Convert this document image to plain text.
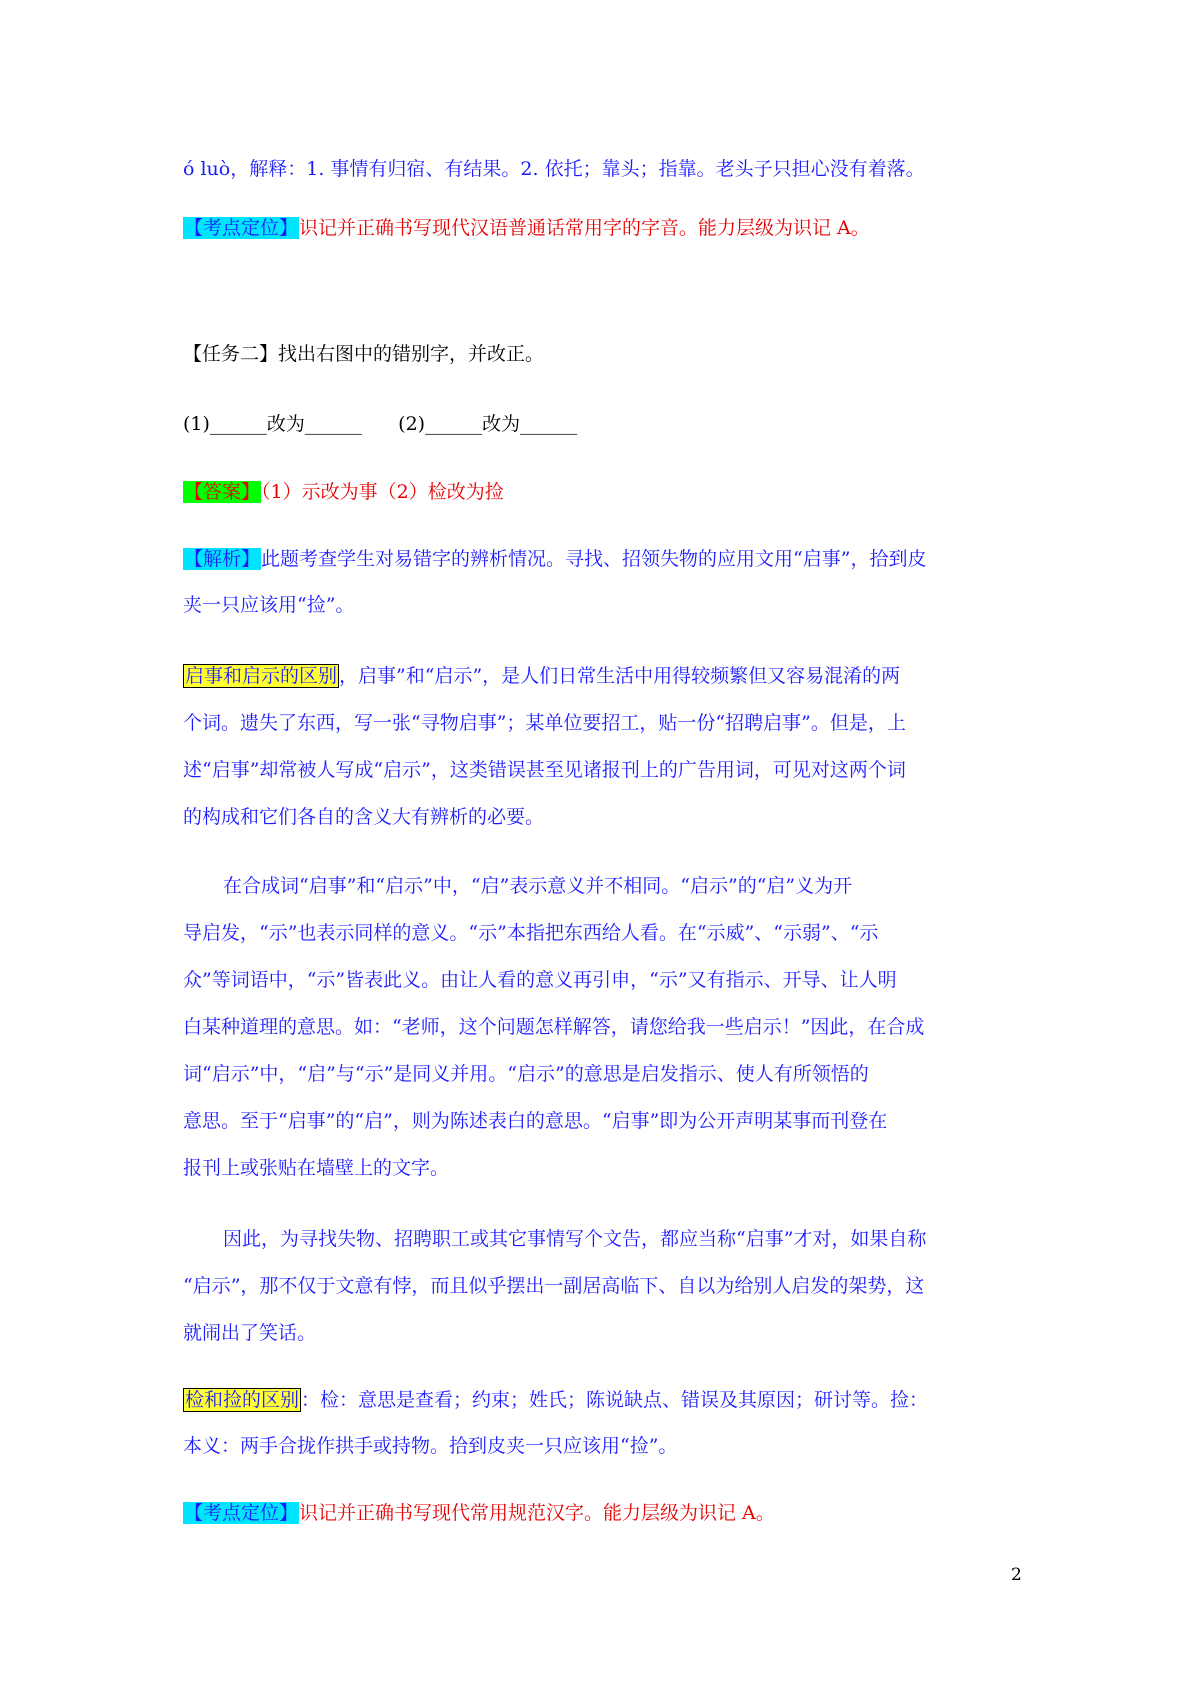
ó luò，解释：1. 事情有归宿、有结果。2. 依托；靠头；指靠。老头子只担心没有着落。
【考点定位】识记并正确书写现代汉语普通话常用字的字音。能力层级为识记 A。
【任务二】找出右图中的错别字，并改正。
(1)______改为______      (2)______改为______
【答案】（1）示改为事（2）检改为捡
【解析】此题考查学生对易错字的辨析情况。寻找、招领失物的应用文用“启事”，拾到皮
夹一只应该用“捡”。
启事和启示的区别 ，启事”和“启示”，是人们日常生活中用得较频繁但又容易混淆的两
个词。遗失了东西，写一张“寻物启事”；某单位要招工，贴一份“招聘启事”。但是，上
述“启事”却常被人写成“启示”，这类错误甚至见诸报刊上的广告用词，可见对这两个词
的构成和它们各自的含义大有辨析的必要。
在合成词“启事”和“启示”中，“启”表示意义并不相同。“启示”的“启”义为开
导启发，“示”也表示同样的意义。“示”本指把东西给人看。在“示威”、“示弱”、“示
众”等词语中，“示”皆表此义。由让人看的意义再引申，“示”又有指示、开导、让人明
白某种道理的意思。如：“老师，这个问题怎样解答，请您给我一些启示！”因此，在合成
词“启示”中，“启”与“示”是同义并用。“启示”的意思是启发指示、使人有所领悟的
意思。至于“启事”的“启”，则为陈述表白的意思。“启事”即为公开声明某事而刊登在
报刊上或张贴在墙壁上的文字。
因此，为寻找失物、招聘职工或其它事情写个文告，都应当称“启事”才对，如果自称
“启示”，那不仅于文意有悖，而且似乎摆出一副居高临下、自以为给别人启发的架势，这
就闹出了笑话。
检和捡的区别 ：检：意思是查看；约束；姓氏；陈说缺点、错误及其原因；研讨等。捡：
本义：两手合拢作拱手或持物。拾到皮夹一只应该用“捡”。
【考点定位】识记并正确书写现代常用规范汉字。能力层级为识记 A。
2
